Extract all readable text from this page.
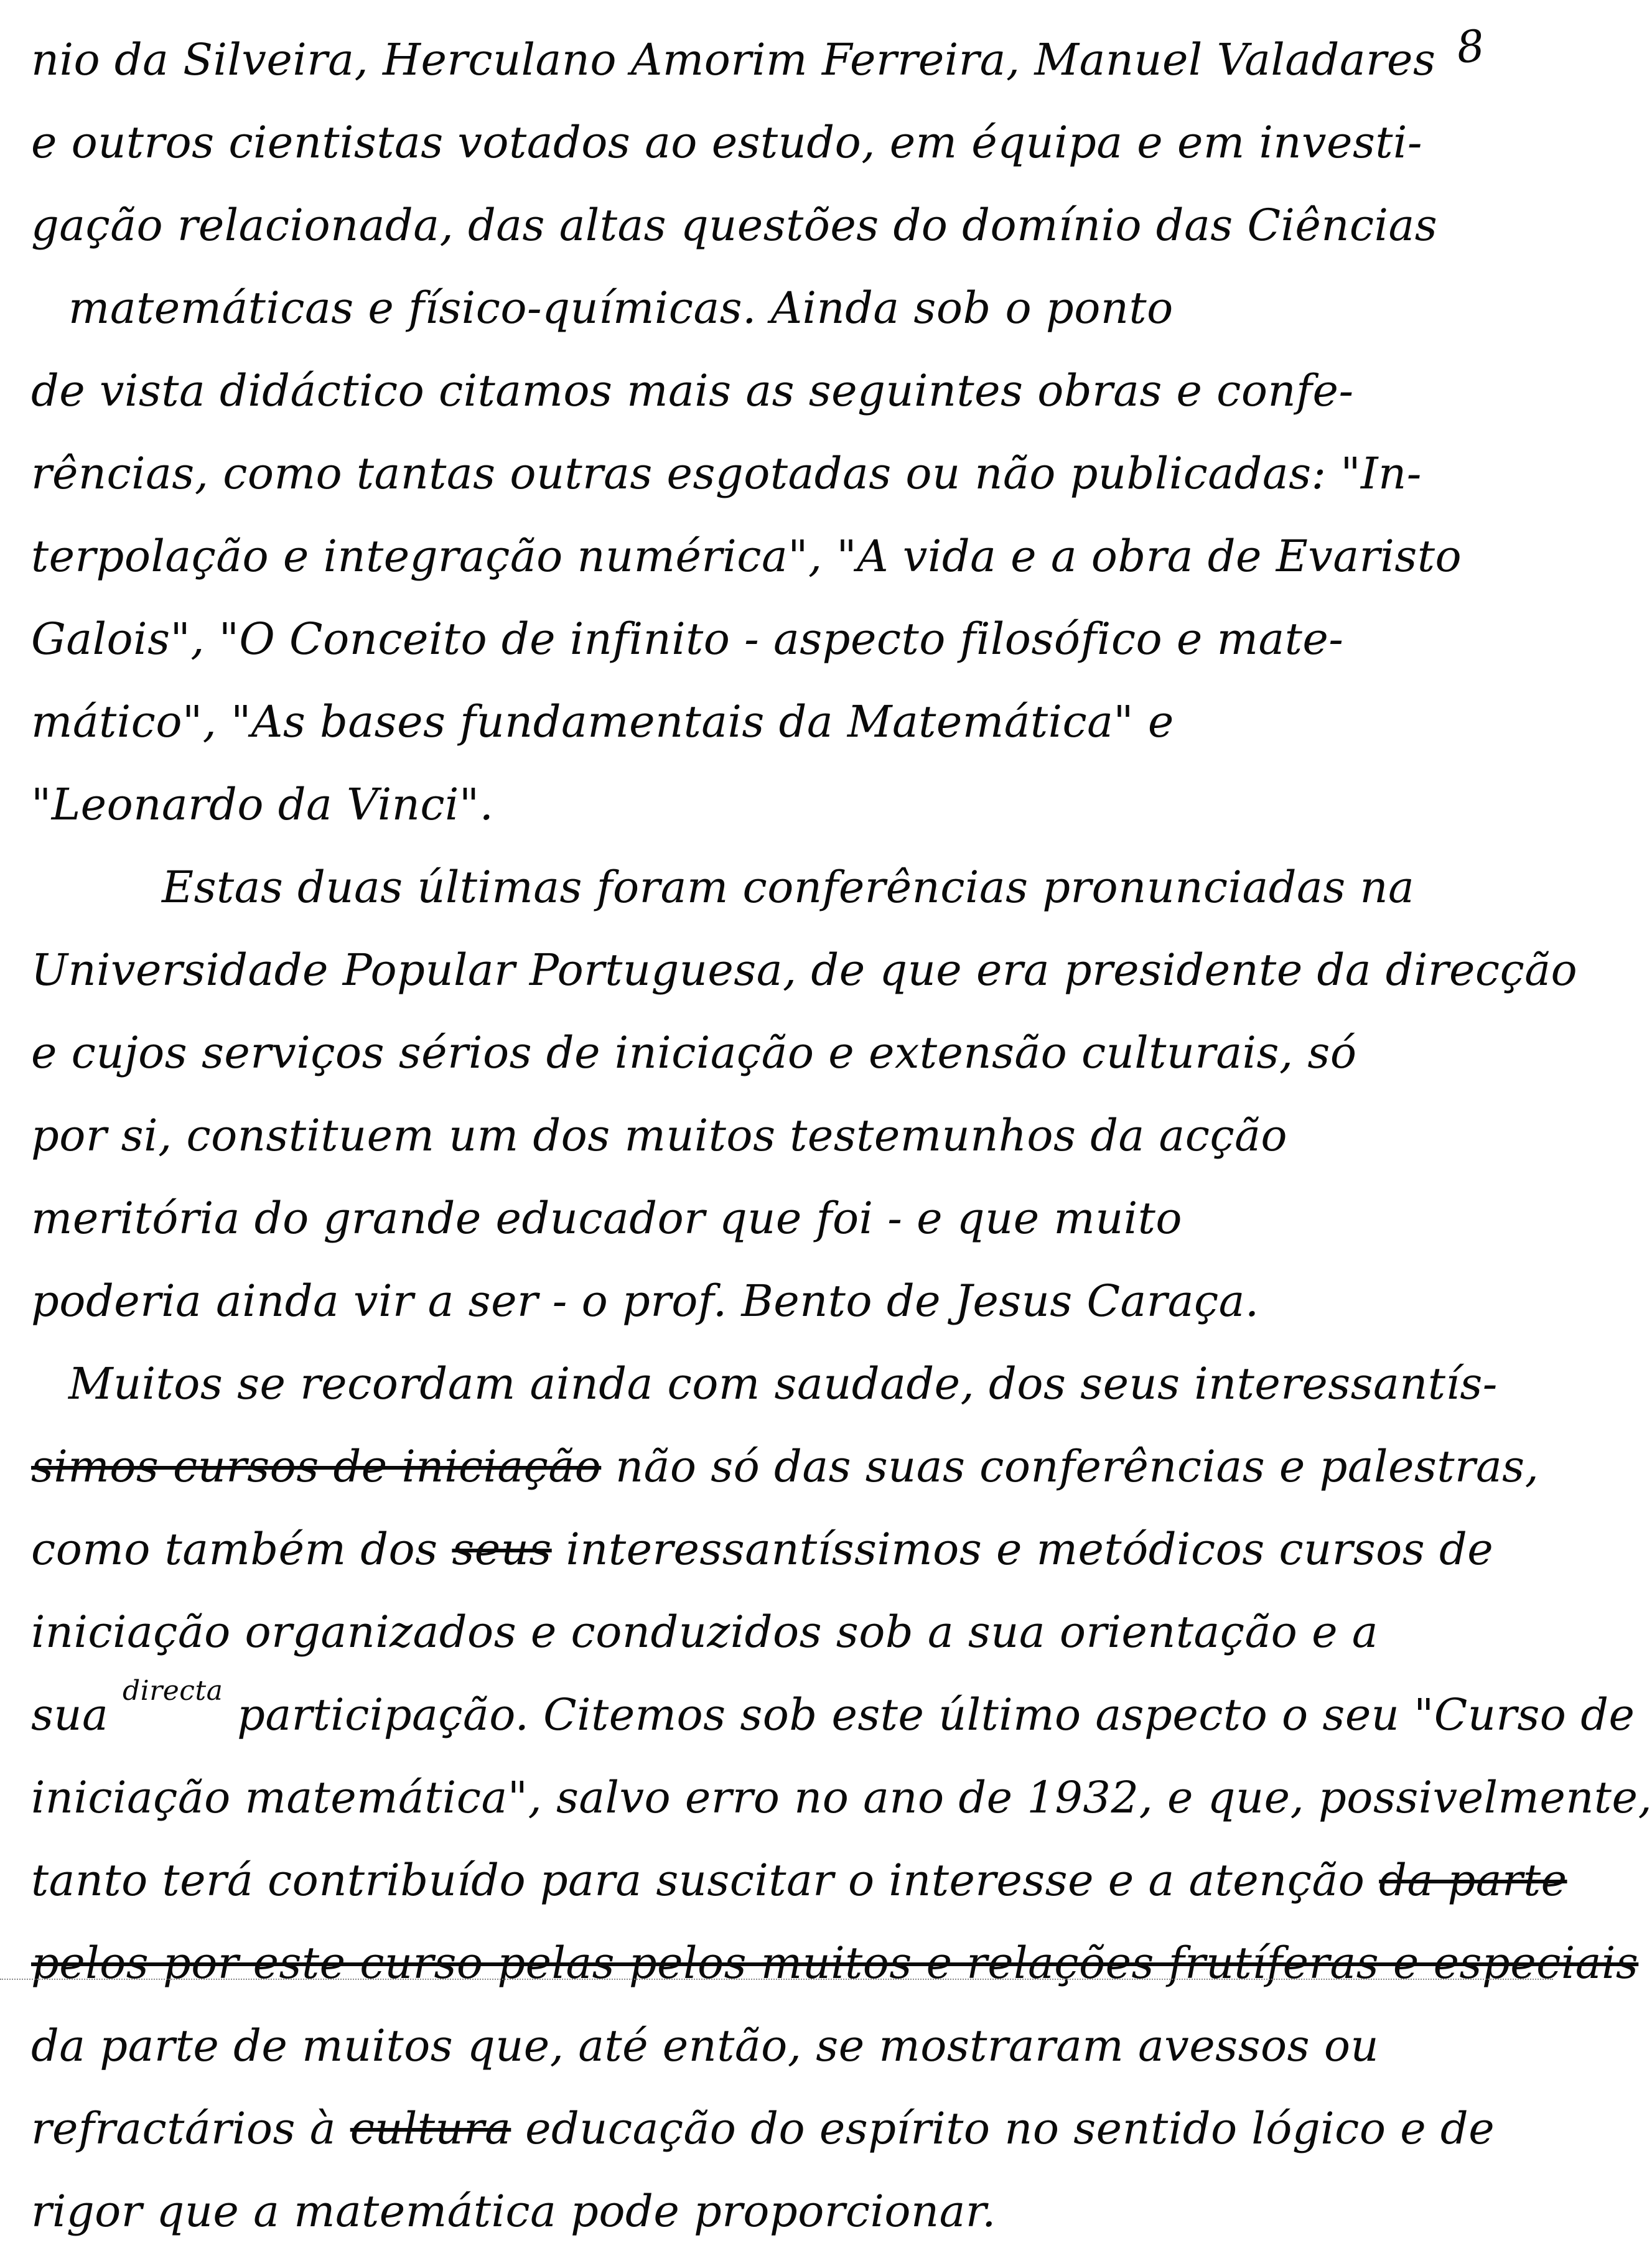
8
nio da Silveira, Herculano Amorim Ferreira, Manuel Valadares
e outros cientistas votados ao estudo, em équipa e em investi-
gação relacionada, das altas questões do domínio das Ciências
matemáticas e físico-químicas. Ainda sob o ponto
de vista didáctico citamos mais as seguintes obras e confe-
rências, como tantas outras esgotadas ou não publicadas: "In-
terpolação e integração numérica", "A vida e a obra de Evaristo
Galois", "O Conceito de infinito - aspecto filosófico e mate-
mático", "As bases fundamentais da Matemática" e
"Leonardo da Vinci".
Estas duas últimas foram conferências pronunciadas na
Universidade Popular Portuguesa, de que era presidente da direcção
e cujos serviços sérios de iniciação e extensão culturais, só
por si, constituem um dos muitos testemunhos da acção
meritória do grande educador que foi - e que muito
poderia ainda vir a ser - o prof. Bento de Jesus Caraça.
Muitos se recordam ainda com saudade, dos seus interessantís-
simos cursos de iniciação não só das suas conferências e palestras,
como também dos seus interessantíssimos e metódicos cursos de
iniciação organizados e conduzidos sob a sua orientação e a
sua directa participação. Citemos sob este último aspecto o seu "Curso de
iniciação matemática", salvo erro no ano de 1932, e que, possivelmente,
tanto terá contribuído para suscitar o interesse e a atenção da parte
pelos por este curso pelas pelos muitos e relações frutíferas e especiais
da parte de muitos que, até então, se mostraram avessos ou
refractários à cultura educação do espírito no sentido lógico e de
rigor que a matemática pode proporcionar.
